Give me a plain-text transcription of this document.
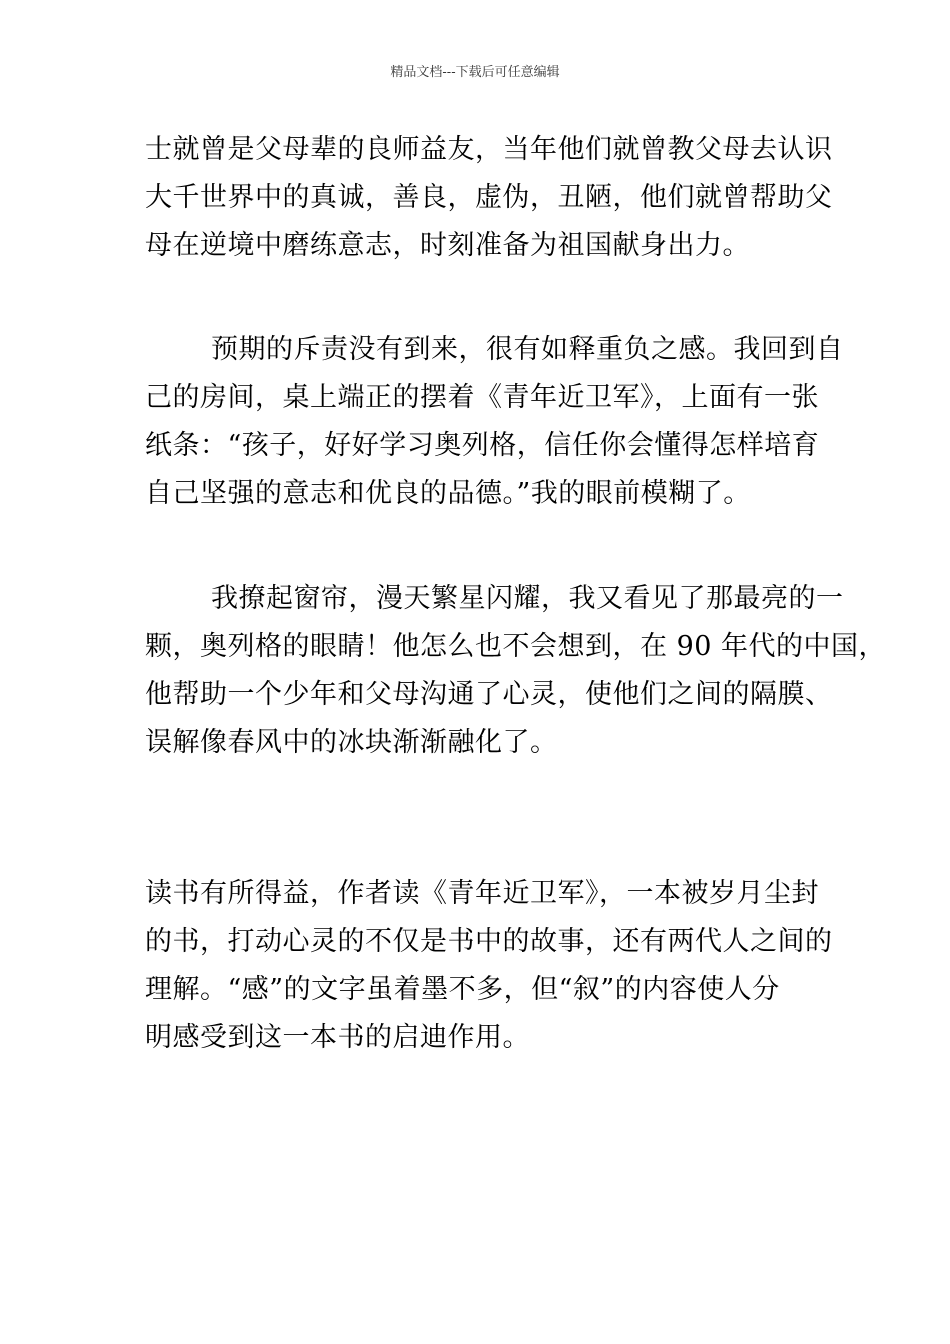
精品文档---下载后可任意编辑
士就曾是父母辈的良师益友，当年他们就曾教父母去认识
大千世界中的真诚，善良，虚伪，丑陋，他们就曾帮助父
母在逆境中磨练意志，时刻准备为祖国献身出力。
预期的斥责没有到来，很有如释重负之感。我回到自
己的房间，桌上端正的摆着《青年近卫军》，上面有一张
纸条：“孩子，好好学习奥列格，信任你会懂得怎样培育
自己坚强的意志和优良的品德。”我的眼前模糊了。
我撩起窗帘，漫天繁星闪耀，我又看见了那最亮的一
颗，奥列格的眼睛！他怎么也不会想到，在 90 年代的中国，
他帮助一个少年和父母沟通了心灵，使他们之间的隔膜、
误解像春风中的冰块渐渐融化了。
读书有所得益，作者读《青年近卫军》，一本被岁月尘封
的书，打动心灵的不仅是书中的故事，还有两代人之间的
理解。“感”的文字虽着墨不多，但“叙”的内容使人分
明感受到这一本书的启迪作用。
